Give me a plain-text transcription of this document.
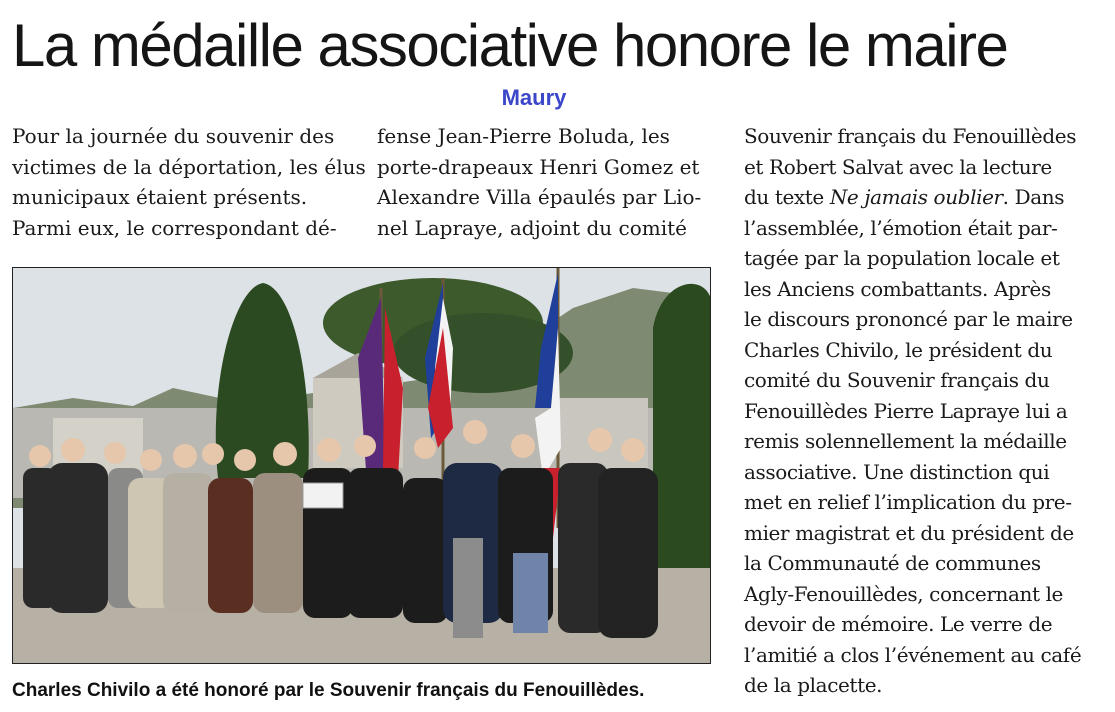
La médaille associative honore le maire
Maury
Pour la journée du souvenir des
victimes de la déportation, les élus
municipaux étaient présents.
Parmi eux, le correspondant dé-
fense Jean-Pierre Boluda, les
porte-drapeaux Henri Gomez et
Alexandre Villa épaulés par Lio-
nel Lapraye, adjoint du comité
Souvenir français du Fenouillèdes
et Robert Salvat avec la lecture
du texte Ne jamais oublier. Dans
l’assemblée, l’émotion était par-
tagée par la population locale et
les Anciens combattants. Après
le discours prononcé par le maire
Charles Chivilo, le président du
comité du Souvenir français du
Fenouillèdes Pierre Lapraye lui a
remis solennellement la médaille
associative. Une distinction qui
met en relief l’implication du pre-
mier magistrat et du président de
la Communauté de communes
Agly-Fenouillèdes, concernant le
devoir de mémoire. Le verre de
l’amitié a clos l’événement au café
de la placette.
Charles Chivilo a été honoré par le Souvenir français du Fenouillèdes.
